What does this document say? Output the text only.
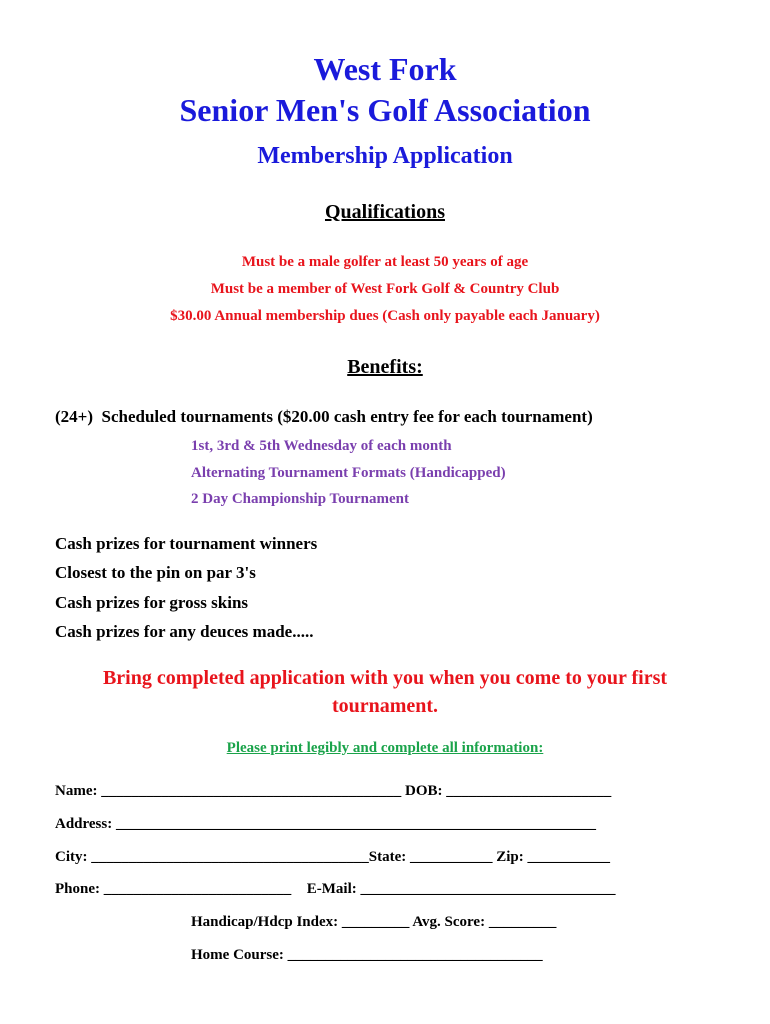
West Fork
Senior Men's Golf Association
Membership Application
Qualifications
Must be a male golfer at least 50 years of age
Must be a member of West Fork Golf & Country Club
$30.00 Annual membership dues (Cash only payable each January)
Benefits:
(24+)  Scheduled tournaments ($20.00 cash entry fee for each tournament)
1st, 3rd & 5th Wednesday of each month
Alternating Tournament Formats (Handicapped)
2 Day Championship Tournament
Cash prizes for tournament winners
Closest to the pin on par 3's
Cash prizes for gross skins
Cash prizes for any deuces made.....
Bring completed application with you when you come to your first
tournament.
Please print legibly and complete all information:
Name: ________________________________________ DOB: ______________________
Address: ________________________________________________________________
City: _____________________________________State: ___________ Zip: ___________
Phone: _________________________ E-Mail: __________________________________
Handicap/Hdcp Index: _________ Avg. Score: _________
Home Course: __________________________________
